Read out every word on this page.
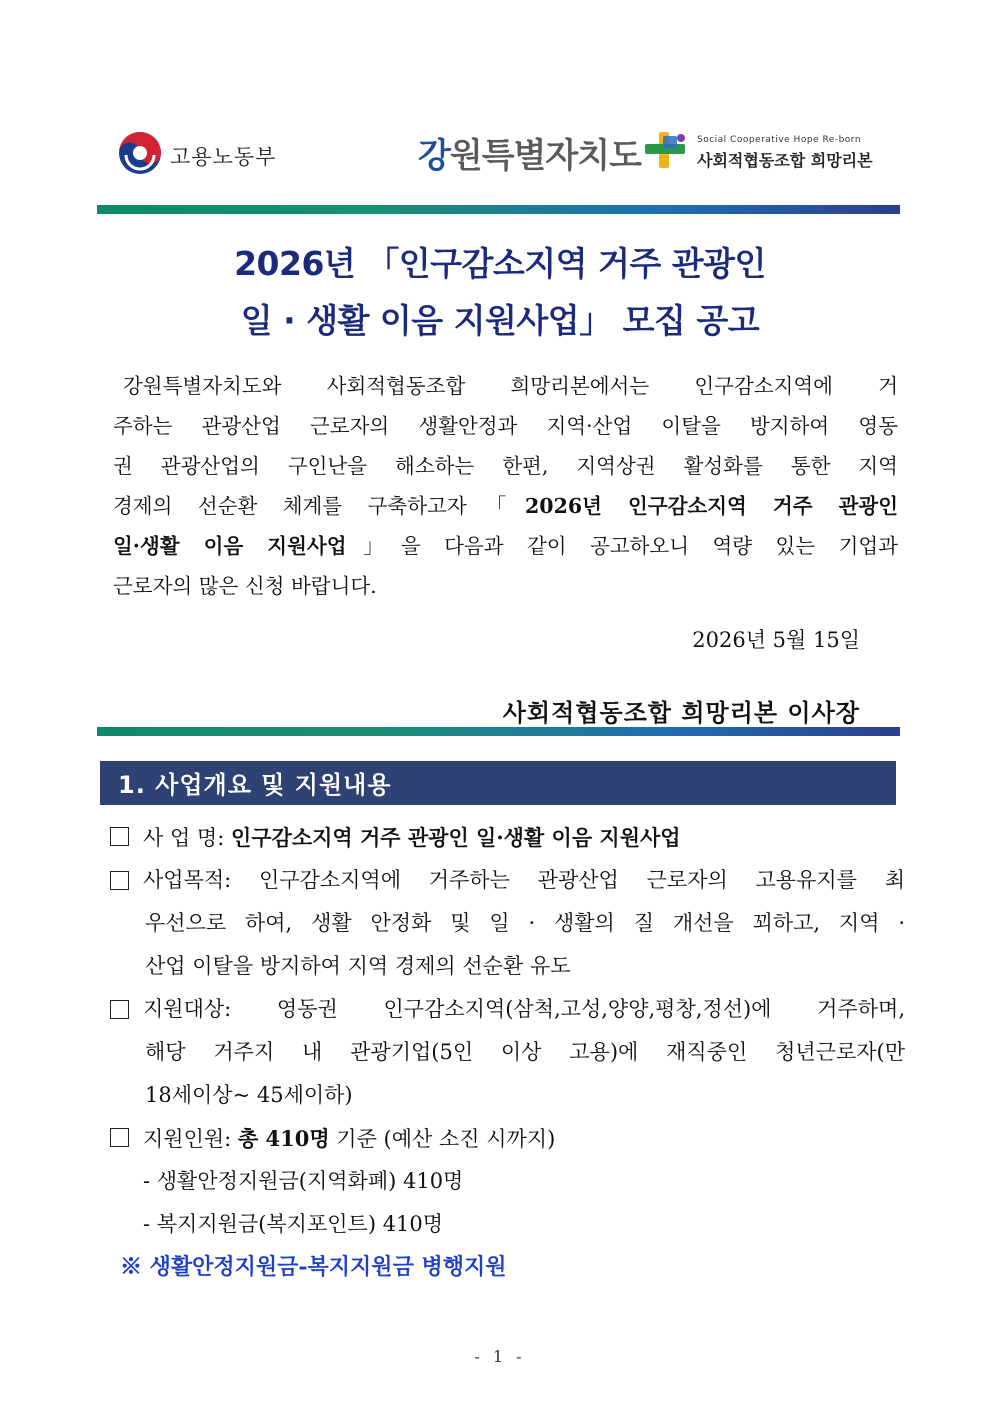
고용노동부	강원특별자치도	Social Cooperative Hope Re-born
사회적협동조합 희망리본
2026년 「인구감소지역 거주 관광인
일 · 생활 이음 지원사업」 모집 공고

강원특별자치도와 사회적협동조합 희망리본에서는 인구감소지역에 거

주하는 관광산업 근로자의 생활안정과 지역·산업 이탈을 방지하여 영동

권 관광산업의 구인난을 해소하는 한편, 지역상권 활성화를 통한 지역

경제의 선순환 체계를 구축하고자「2026년 인구감소지역 거주 관광인

일·생활 이음 지원사업」을 다음과 같이 공고하오니 역량 있는 기업과

근로자의 많은 신청 바랍니다.

2026년 5월 15일
사회적협동조합 희망리본 이사장
1. 사업개요 및 지원내용
사 업 명: 인구감소지역 거주 관광인 일·생활 이음 지원사업
사업목적: 인구감소지역에 거주하는 관광산업 근로자의 고용유지를 최
우선으로 하여, 생활 안정화 및 일 · 생활의 질 개선을 꾀하고, 지역 ·
산업 이탈을 방지하여 지역 경제의 선순환 유도
지원대상: 영동권 인구감소지역(삼척,고성,양양,평창,정선)에 거주하며,
해당 거주지 내 관광기업(5인 이상 고용)에 재직중인 청년근로자(만
18세이상~ 45세이하)
지원인원: 총 410명 기준 (예산 소진 시까지)
- 생활안정지원금(지역화폐) 410명
- 복지지원금(복지포인트) 410명
※ 생활안정지원금-복지지원금 병행지원
- 1 -
